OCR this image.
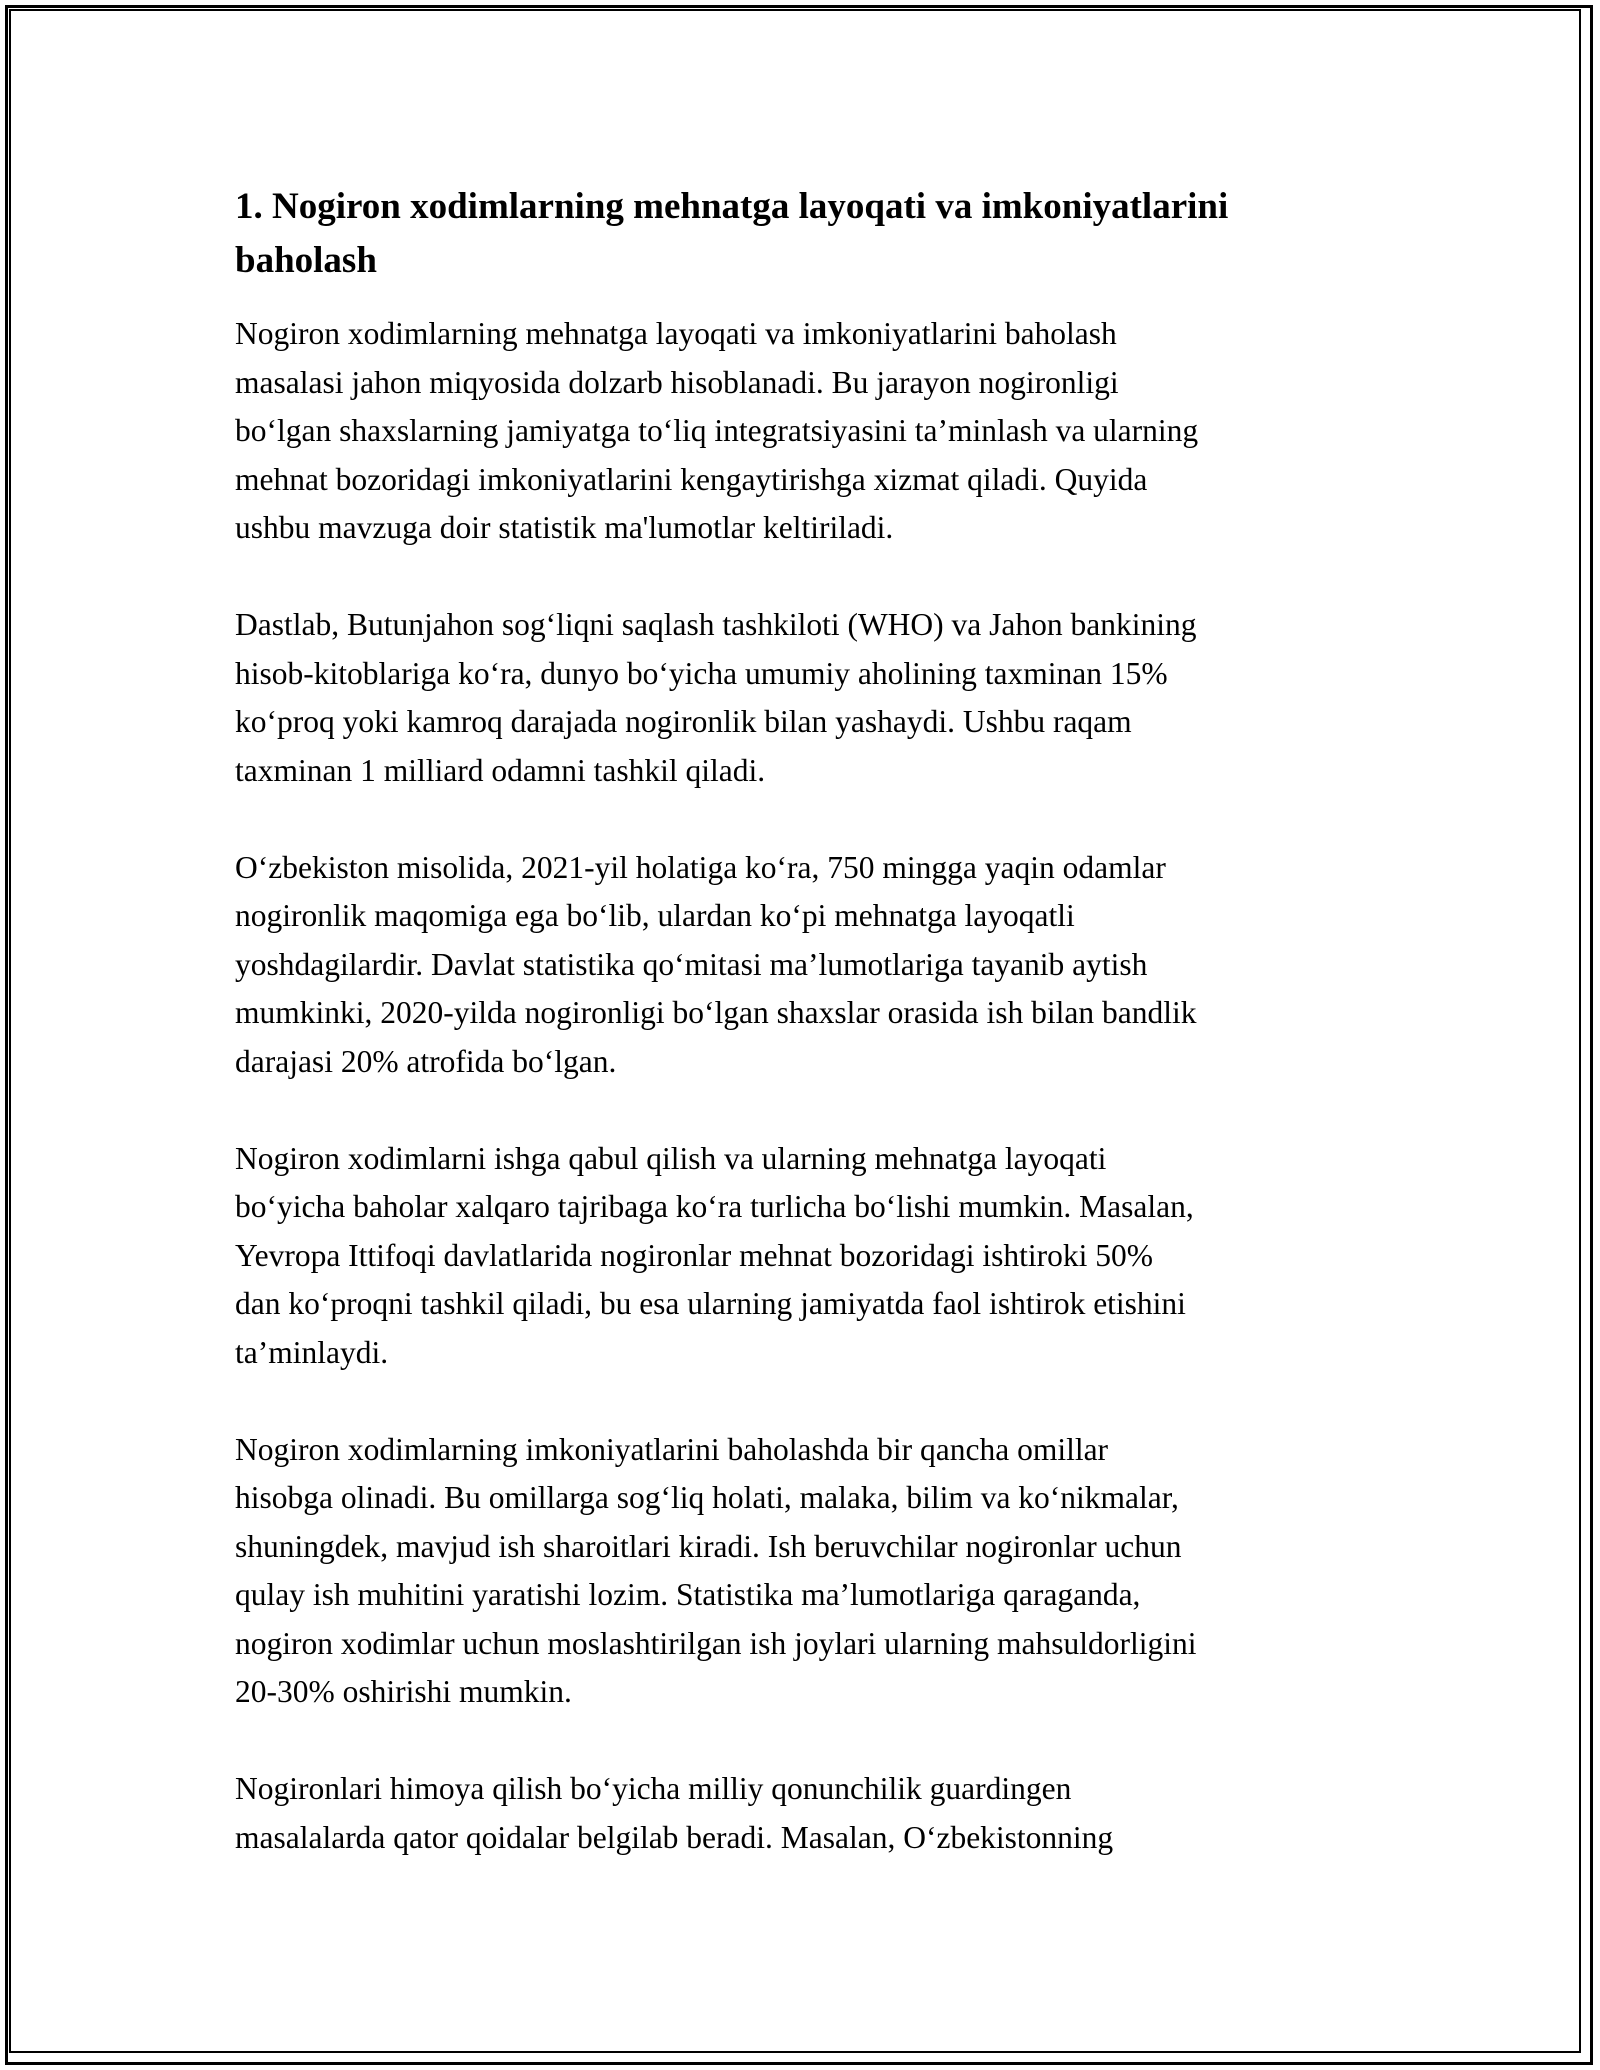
1. Nogiron xodimlarning mehnatga layoqati va imkoniyatlarini
baholash

Nogiron xodimlarning mehnatga layoqati va imkoniyatlarini baholash
masalasi jahon miqyosida dolzarb hisoblanadi. Bu jarayon nogironligi
boʻlgan shaxslarning jamiyatga toʻliq integratsiyasini taʼminlash va ularning
mehnat bozoridagi imkoniyatlarini kengaytirishga xizmat qiladi. Quyida
ushbu mavzuga doir statistik ma'lumotlar keltiriladi.

Dastlab, Butunjahon sogʻliqni saqlash tashkiloti (WHO) va Jahon bankining
hisob-kitoblariga koʻra, dunyo boʻyicha umumiy aholining taxminan 15%
koʻproq yoki kamroq darajada nogironlik bilan yashaydi. Ushbu raqam
taxminan 1 milliard odamni tashkil qiladi.

Oʻzbekiston misolida, 2021-yil holatiga koʻra, 750 mingga yaqin odamlar
nogironlik maqomiga ega boʻlib, ulardan koʻpi mehnatga layoqatli
yoshdagilardir. Davlat statistika qoʻmitasi maʼlumotlariga tayanib aytish
mumkinki, 2020-yilda nogironligi boʻlgan shaxslar orasida ish bilan bandlik
darajasi 20% atrofida boʻlgan.

Nogiron xodimlarni ishga qabul qilish va ularning mehnatga layoqati
boʻyicha baholar xalqaro tajribaga koʻra turlicha boʻlishi mumkin. Masalan,
Yevropa Ittifoqi davlatlarida nogironlar mehnat bozoridagi ishtiroki 50%
dan koʻproqni tashkil qiladi, bu esa ularning jamiyatda faol ishtirok etishini
taʼminlaydi.

Nogiron xodimlarning imkoniyatlarini baholashda bir qancha omillar
hisobga olinadi. Bu omillarga sogʻliq holati, malaka, bilim va koʻnikmalar,
shuningdek, mavjud ish sharoitlari kiradi. Ish beruvchilar nogironlar uchun
qulay ish muhitini yaratishi lozim. Statistika maʼlumotlariga qaraganda,
nogiron xodimlar uchun moslashtirilgan ish joylari ularning mahsuldorligini
20-30% oshirishi mumkin.

Nogironlari himoya qilish boʻyicha milliy qonunchilik guardingen
masalalarda qator qoidalar belgilab beradi. Masalan, Oʻzbekistonning
